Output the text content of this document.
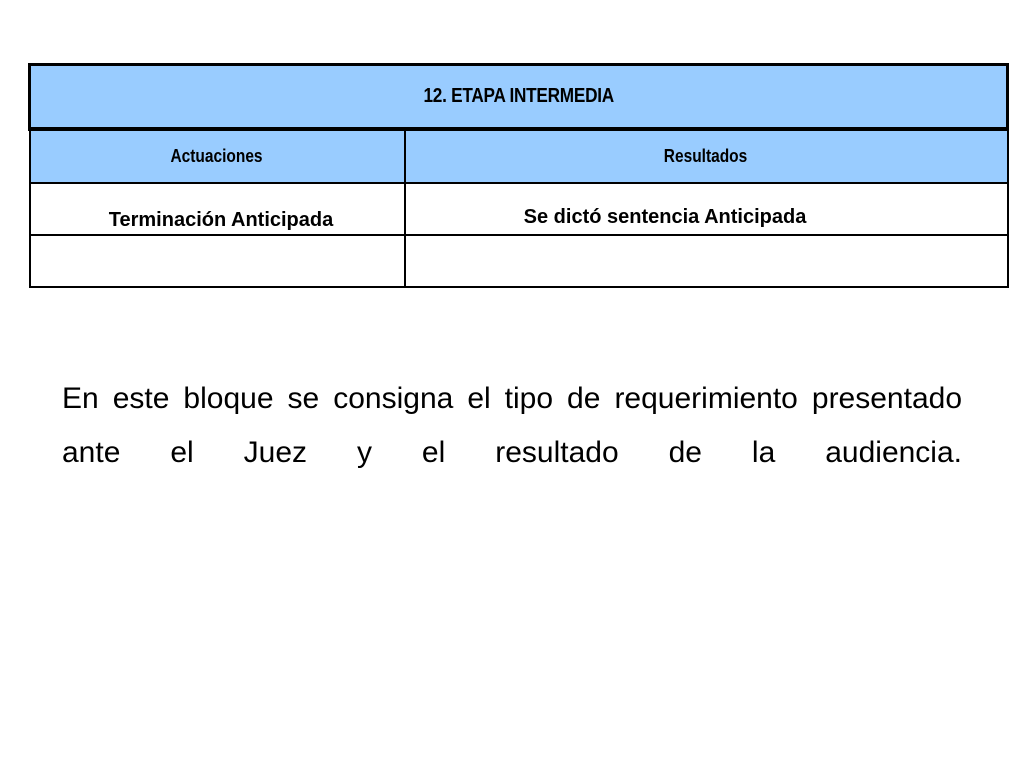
12. ETAPA INTERMEDIA	
Actuaciones	Resultados
Terminación Anticipada	Se dictó sentencia Anticipada

En este bloque se consigna el tipo de requerimiento presentado ante el Juez y el resultado de la audiencia.
